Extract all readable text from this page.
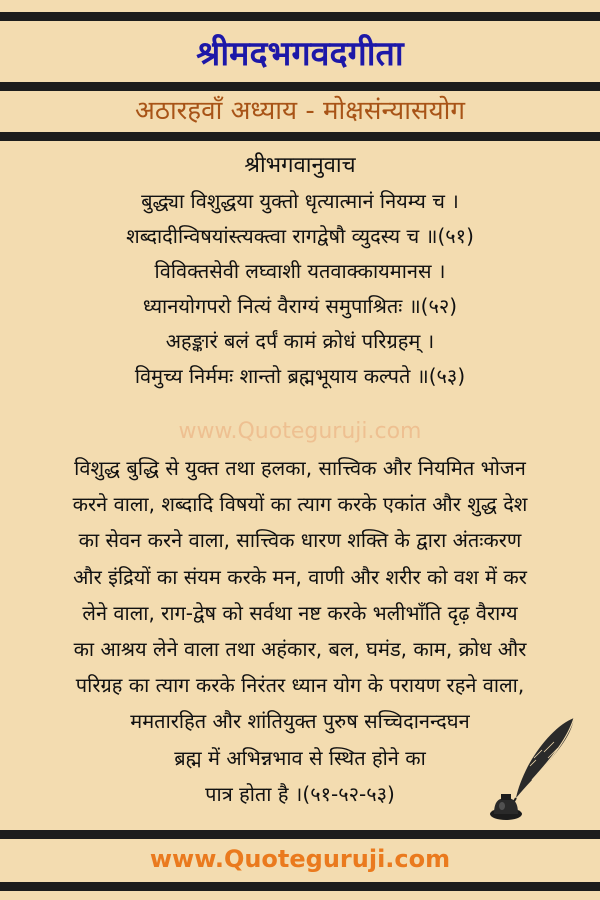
श्रीमदभगवदगीता
अठारहवाँ अध्याय - मोक्षसंन्यासयोग
श्रीभगवानुवाच
बुद्ध्या विशुद्धया युक्तो धृत्यात्मानं नियम्य च ।
शब्दादीन्विषयांस्त्यक्त्वा रागद्वेषौ व्युदस्य च ॥(५१)
विविक्तसेवी लघ्वाशी यतवाक्कायमानस ।
ध्यानयोगपरो नित्यं वैराग्यं समुपाश्रितः ॥(५२)
अहङ्कारं बलं दर्पं कामं क्रोधं परिग्रहम्‌ ।
विमुच्य निर्ममः शान्तो ब्रह्मभूयाय कल्पते ॥(५३)
www.Quoteguruji.com
विशुद्ध बुद्धि से युक्त तथा हलका, सात्त्विक और नियमित भोजन
करने वाला, शब्दादि विषयों का त्याग करके एकांत और शुद्ध देश
का सेवन करने वाला, सात्त्विक धारण शक्ति के द्वारा अंतःकरण
और इंद्रियों का संयम करके मन, वाणी और शरीर को वश में कर
लेने वाला, राग-द्वेष को सर्वथा नष्ट करके भलीभाँति दृढ़ वैराग्य
का आश्रय लेने वाला तथा अहंकार, बल, घमंड, काम, क्रोध और
परिग्रह का त्याग करके निरंतर ध्यान योग के परायण रहने वाला,
ममतारहित और शांतियुक्त पुरुष सच्चिदानन्दघन
ब्रह्म में अभिन्नभाव से स्थित होने का
पात्र होता है ।(५१-५२-५३)
www.Quoteguruji.com
